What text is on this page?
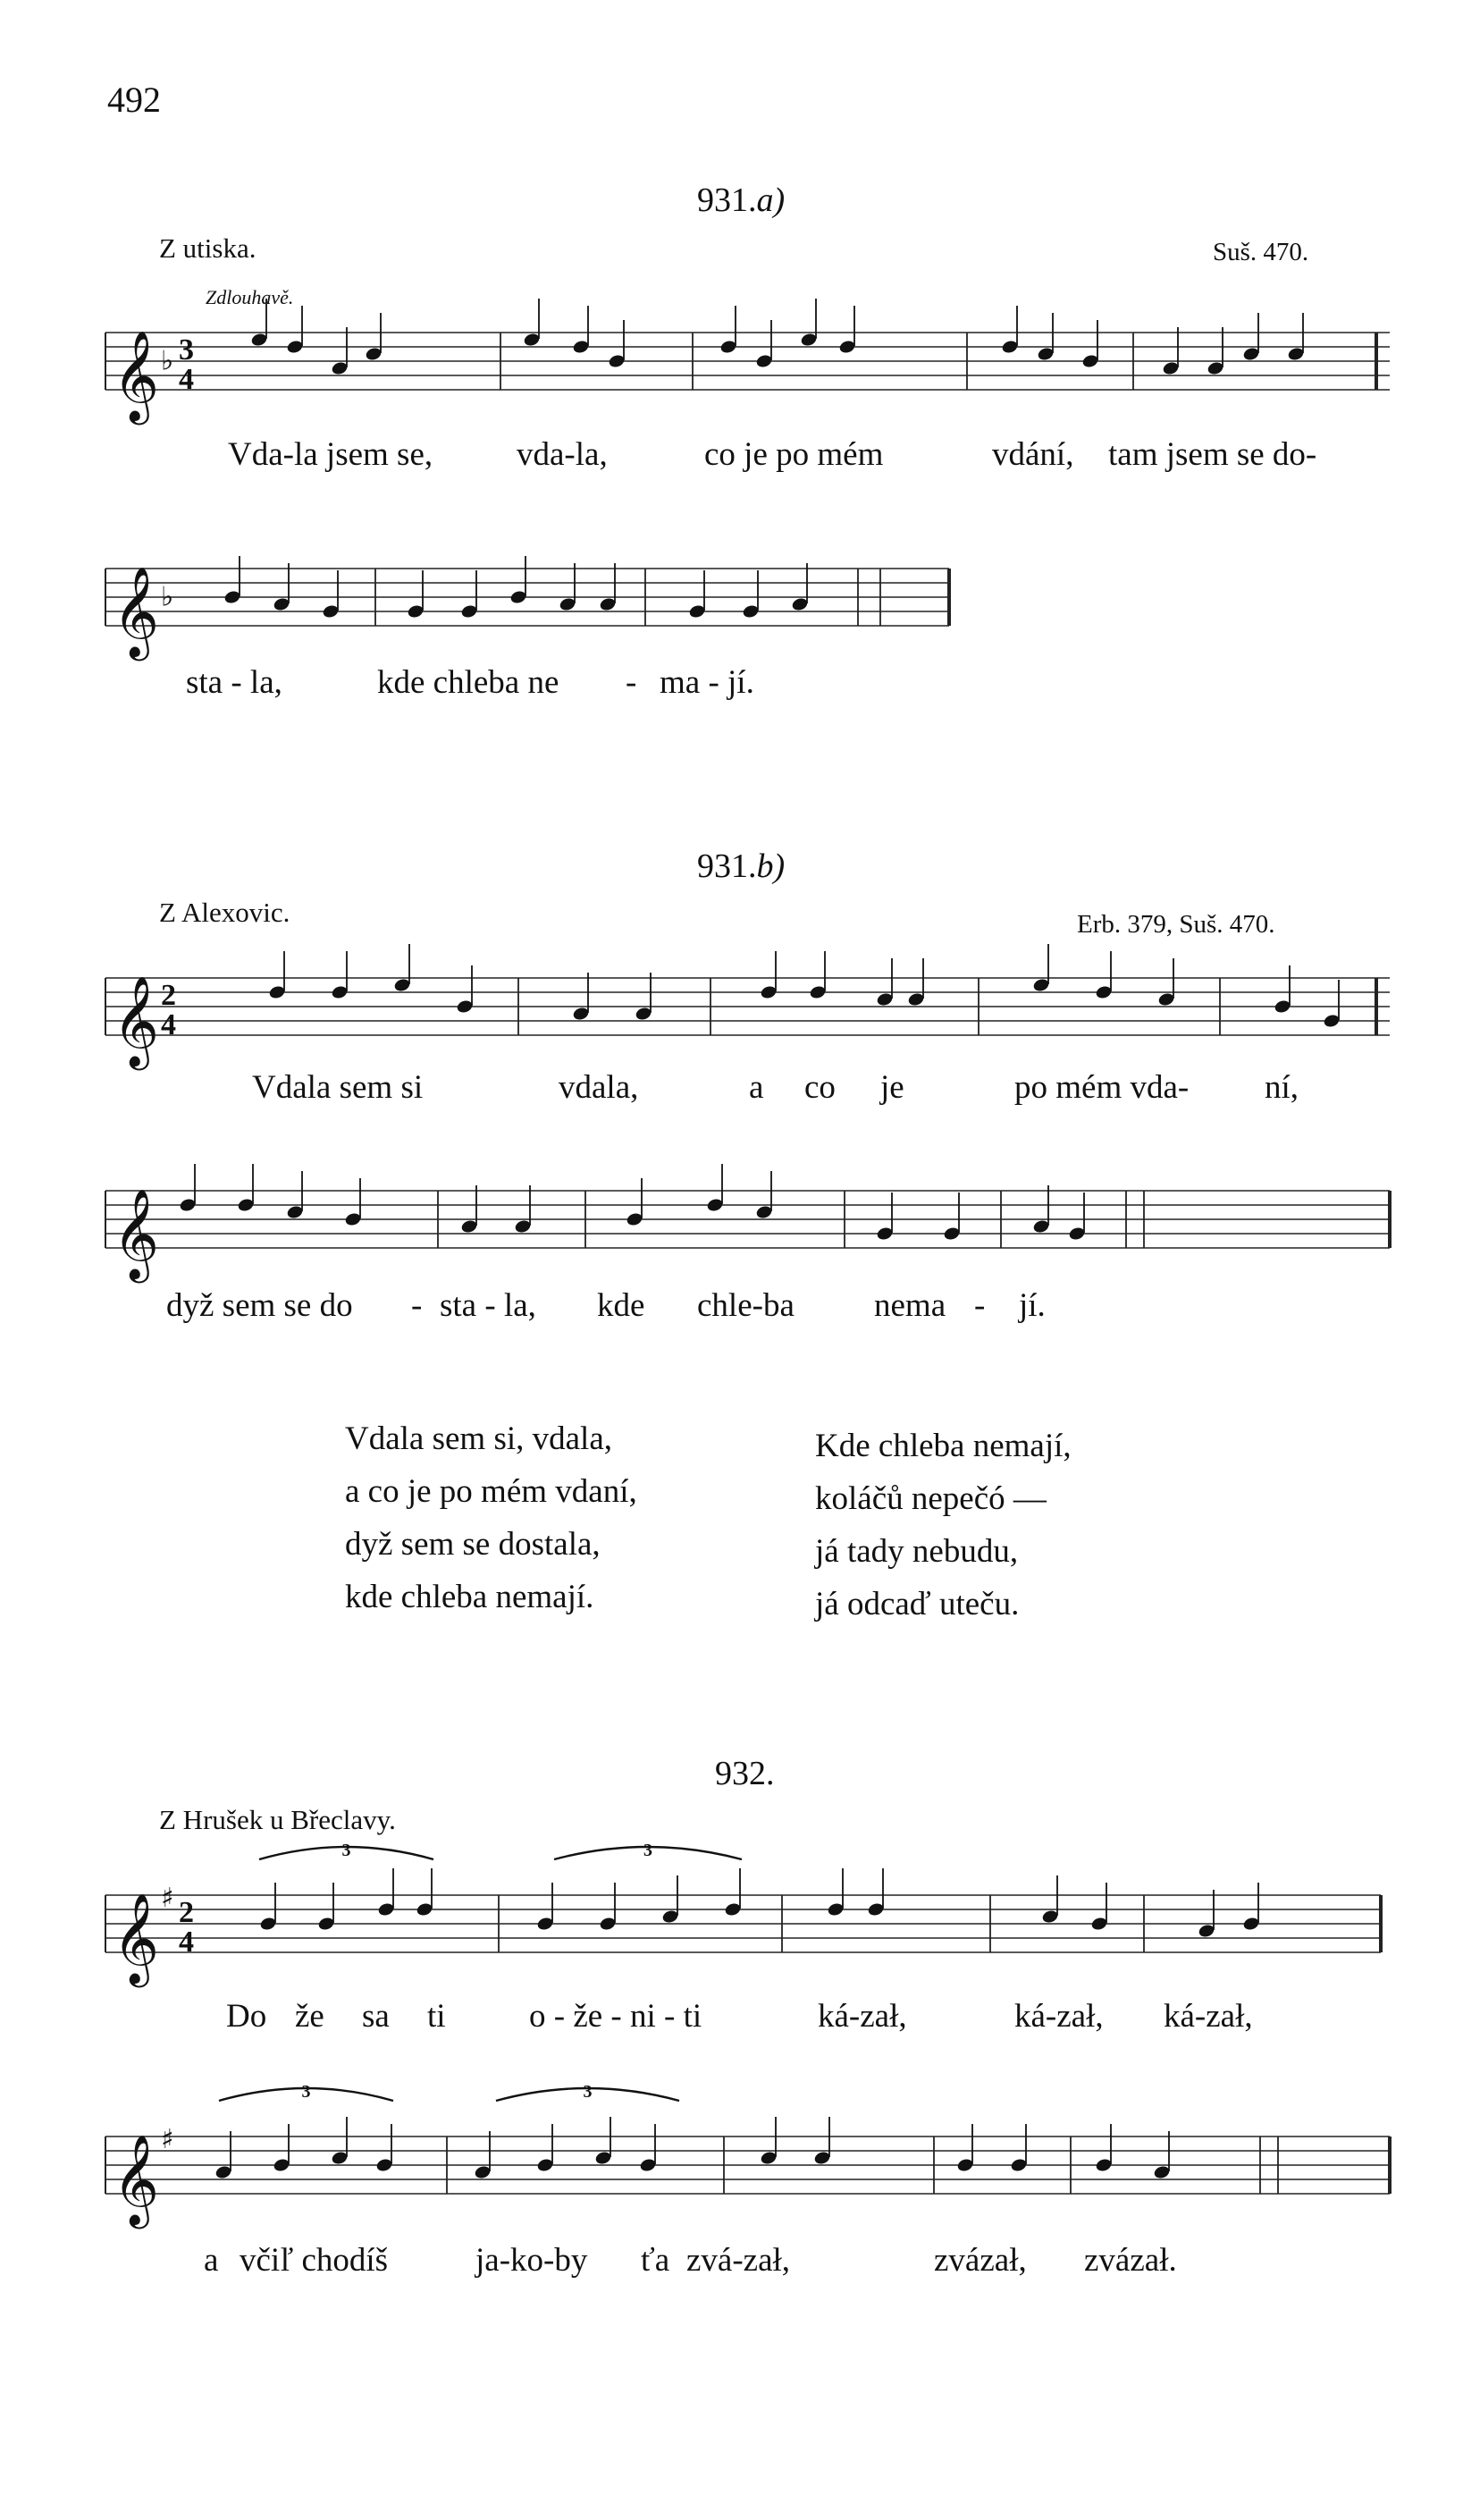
492
931.a)
Z utiska.	Suš. 470.
Zdlouhavě.
Vda-la jsem se,	vda-la,	co je po mém	vdání, tam jsem se do-
sta - la,	kde chleba ne - ma - jí.
931.b)
Z Alexovic.	Erb. 379, Suš. 470.
Vdala sem si	vdala,	a co je	po mém vda- ní,
dyž sem se do - sta - la, kde chle-ba nema - jí.
Vdala sem si, vdala,
a co je po mém vdaní,
dyž sem se dostala,
kde chleba nemají.
Kde chleba nemají,
koláčů nepečó —
já tady nebudu,
já odcaď uteču.
932.
Z Hrušek u Břeclavy.
Do že sa ti	o - že - ni - ti	ká-zał,	ká-zał, ká-zał,
a včiľ chodíš	ja-ko-by ťa zvá-zał,	zvázał, zvázał.
𝄞 ♭ 3
4
𝄞 ♭
𝄞 2
4
𝄞
𝄞 ♯ 2
4
3	3
𝄞 ♯
3	3
